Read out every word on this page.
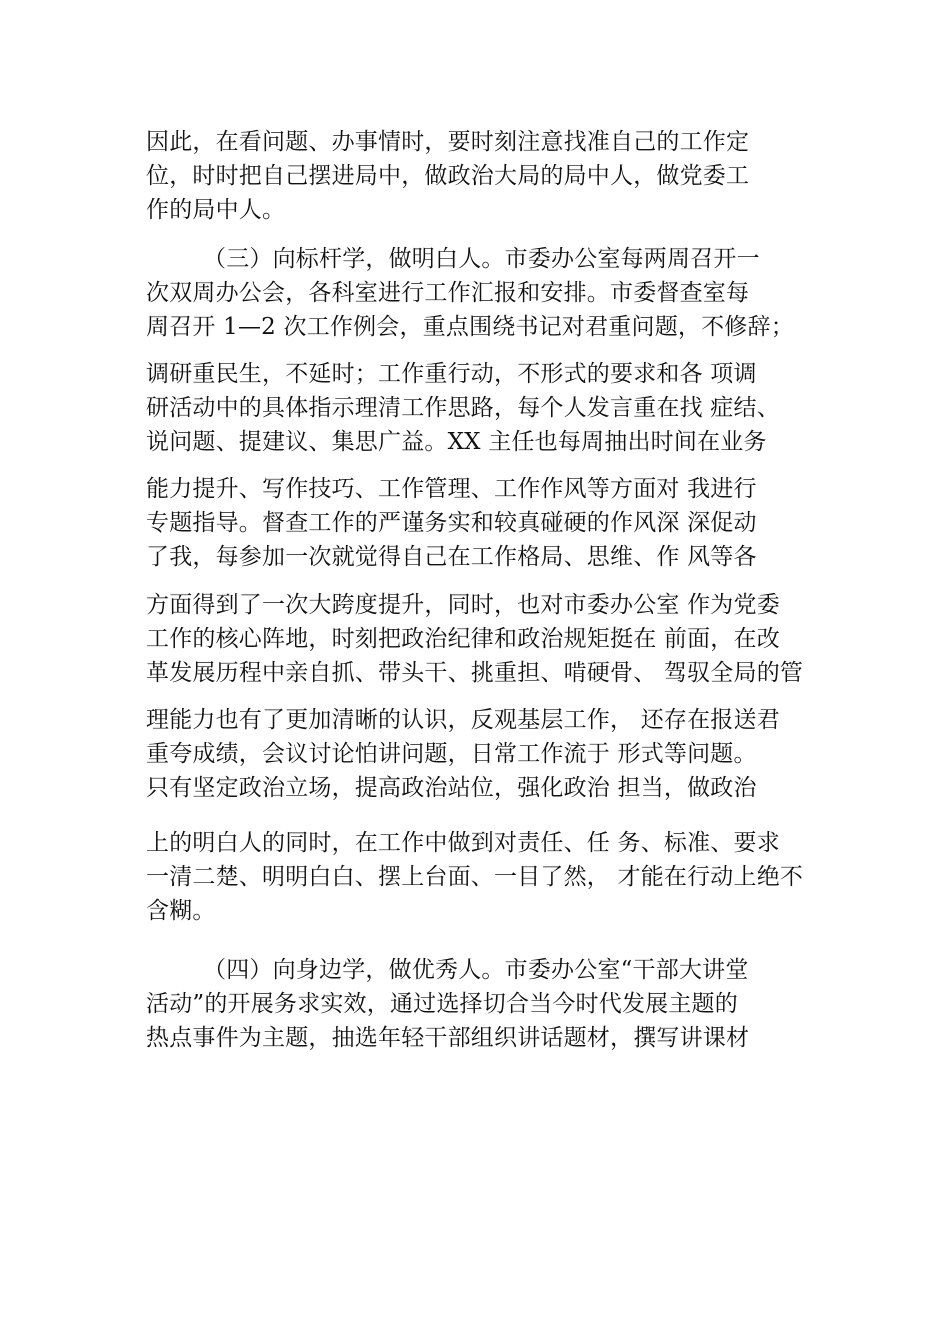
因此，在看问题、办事情时，要时刻注意找准自己的工作定
位，时时把自己摆进局中，做政治大局的局中人，做党委工
作的局中人。
（三）向标杆学，做明白人。市委办公室每两周召开一
次双周办公会，各科室进行工作汇报和安排。市委督查室每
周召开 1—2 次工作例会，重点围绕书记对君重问题，不修辞；
调研重民生，不延时；工作重行动，不形式的要求和各 项调
研活动中的具体指示理清工作思路，每个人发言重在找 症结、
说问题、提建议、集思广益。XX 主任也每周抽出时间在业务
能力提升、写作技巧、工作管理、工作作风等方面对 我进行
专题指导。督查工作的严谨务实和较真碰硬的作风深 深促动
了我，每参加一次就觉得自己在工作格局、思维、作 风等各
方面得到了一次大跨度提升，同时，也对市委办公室 作为党委
工作的核心阵地，时刻把政治纪律和政治规矩挺在 前面，在改
革发展历程中亲自抓、带头干、挑重担、啃硬骨、 驾驭全局的管
理能力也有了更加清晰的认识，反观基层工作， 还存在报送君
重夸成绩，会议讨论怕讲问题，日常工作流于 形式等问题。
只有坚定政治立场，提高政治站位，强化政治 担当，做政治
上的明白人的同时，在工作中做到对责任、任 务、标准、要求
一清二楚、明明白白、摆上台面、一目了然， 才能在行动上绝不
含糊。
（四）向身边学，做优秀人。市委办公室“干部大讲堂
活动”的开展务求实效，通过选择切合当今时代发展主题的
热点事件为主题，抽选年轻干部组织讲话题材，撰写讲课材
